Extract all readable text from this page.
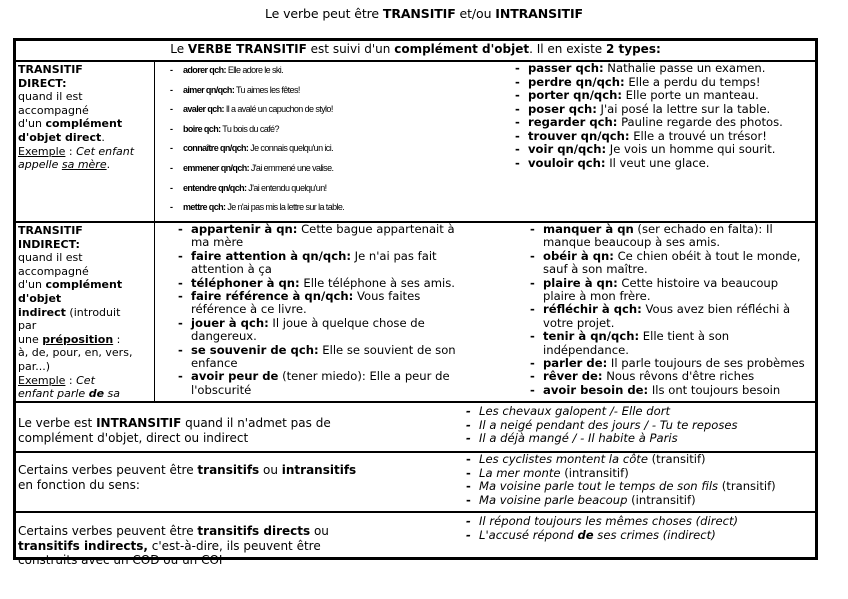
Le verbe peut être TRANSITIF et/ou INTRANSITIF
Le VERBE TRANSITIF est suivi d'un complément d'objet. Il en existe 2 types:
TRANSITIF
DIRECT:
quand il est
accompagné
d'un complément
d'objet direct.
Exemple : Cet enfant appelle sa mère.
- adorer qch: Elle adore le ski.
- aimer qn/qch: Tu aimes les fêtes!
- avaler qch: Il a avalé un capuchon de stylo!
- boire qch: Tu bois du café?
- connaître qn/qch: Je connais quelqu'un ici.
- emmener qn/qch: J'ai emmené une valise.
- entendre qn/qch: J'ai entendu quelqu'un!
- mettre qch: Je n'ai pas mis la lettre sur la table.
- passer qch: Nathalie passe un examen.
- perdre qn/qch: Elle a perdu du temps!
- porter qn/qch: Elle porte un manteau.
- poser qch: J'ai posé la lettre sur la table.
- regarder qch: Pauline regarde des photos.
- trouver qn/qch: Elle a trouvé un trésor!
- voir qn/qch: Je vois un homme qui sourit.
- vouloir qch: Il veut une glace.
TRANSITIF
INDIRECT:
quand il est
accompagné
d'un complément
d'objet
indirect (introduit
par
une préposition :
à, de, pour, en, vers,
par...)
Exemple : Cet
enfant parle de sa
- appartenir à qn: Cette bague appartenait à ma mère
- faire attention à qn/qch: Je n'ai pas fait attention à ça
- téléphoner à qn: Elle téléphone à ses amis.
- faire référence à qn/qch: Vous faites référence à ce livre.
- jouer à qch: Il joue à quelque chose de dangereux.
- se souvenir de qch: Elle se souvient de son enfance
- avoir peur de (tener miedo): Elle a peur de l'obscurité
- manquer à qn (ser echado en falta): Il manque beaucoup à ses amis.
- obéir à qn: Ce chien obéit à tout le monde, sauf à son maître.
- plaire à qn: Cette histoire va beaucoup plaire à mon frère.
- réfléchir à qch: Vous avez bien réfléchi à votre projet.
- tenir à qn/qch: Elle tient à son indépendance.
- parler de: Il parle toujours de ses probèmes
- rêver de: Nous rêvons d'être riches
- avoir besoin de: Ils ont toujours besoin
Le verbe est INTRANSITIF quand il n'admet pas de
complément d'objet, direct ou indirect
- Les chevaux galopent /- Elle dort
- Il a neigé pendant des jours / - Tu te reposes
- Il a déjà mangé / - Il habite à Paris
Certains verbes peuvent être transitifs ou intransitifs
en fonction du sens:
- Les cyclistes montent la côte (transitif)
- La mer monte (intransitif)
- Ma voisine parle tout le temps de son fils (transitif)
- Ma voisine parle beacoup (intransitif)
Certains verbes peuvent être transitifs directs ou
transitifs indirects, c'est-à-dire, ils peuvent être
construits avec un COD ou un COI
- Il répond toujours les mêmes choses (direct)
- L'accusé répond de ses crimes (indirect)
